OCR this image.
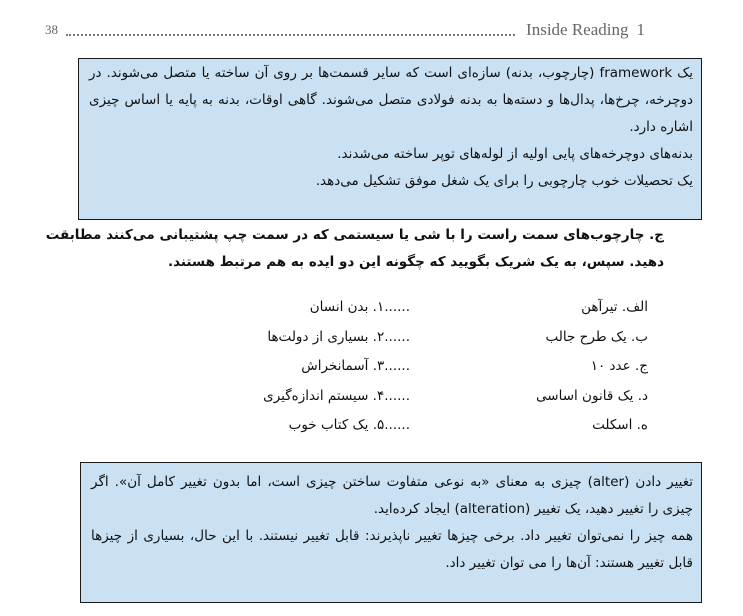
38	Inside Reading 1

یک framework (چارچوب، بدنه) سازه‌ای است که سایر قسمت‌ها بر روی آن ساخته یا متصل می‌شوند. در دوچرخه، چرخ‌ها، پدال‌ها و دسته‌ها به بدنه فولادی متصل می‌شوند. گاهی اوقات، بدنه به پایه یا اساس چیزی اشاره دارد.

بدنه‌های دوچرخه‌های پایی اولیه از لوله‌های توپر ساخته می‌شدند.

یک تحصیلات خوب چارچوبی را برای یک شغل موفق تشکیل می‌دهد.

ج. چارچوب‌های سمت راست را با شی یا سیستمی که در سمت چپ پشتیبانی می‌کنند مطابقت دهید. سپس، به یک شریک بگویید که چگونه این دو ایده به هم مرتبط هستند.
الف. تیرآهن
ب. یک طرح جالب
ج. عدد ۱۰
د. یک قانون اساسی
ه. اسکلت
......۱. بدن انسان
......۲. بسیاری از دولت‌ها
......۳. آسمانخراش
......۴. سیستم اندازه‌گیری
......۵. یک کتاب خوب

تغییر دادن (alter) چیزی به معنای «به نوعی متفاوت ساختن چیزی است، اما بدون تغییر کامل آن». اگر چیزی را تغییر دهید، یک تغییر (alteration) ایجاد کرده‌اید.

همه چیز را نمی‌توان تغییر داد. برخی چیزها تغییر ناپذیرند: قابل تغییر نیستند. با این حال، بسیاری از چیزها قابل تغییر هستند: آن‌ها را می توان تغییر داد.
